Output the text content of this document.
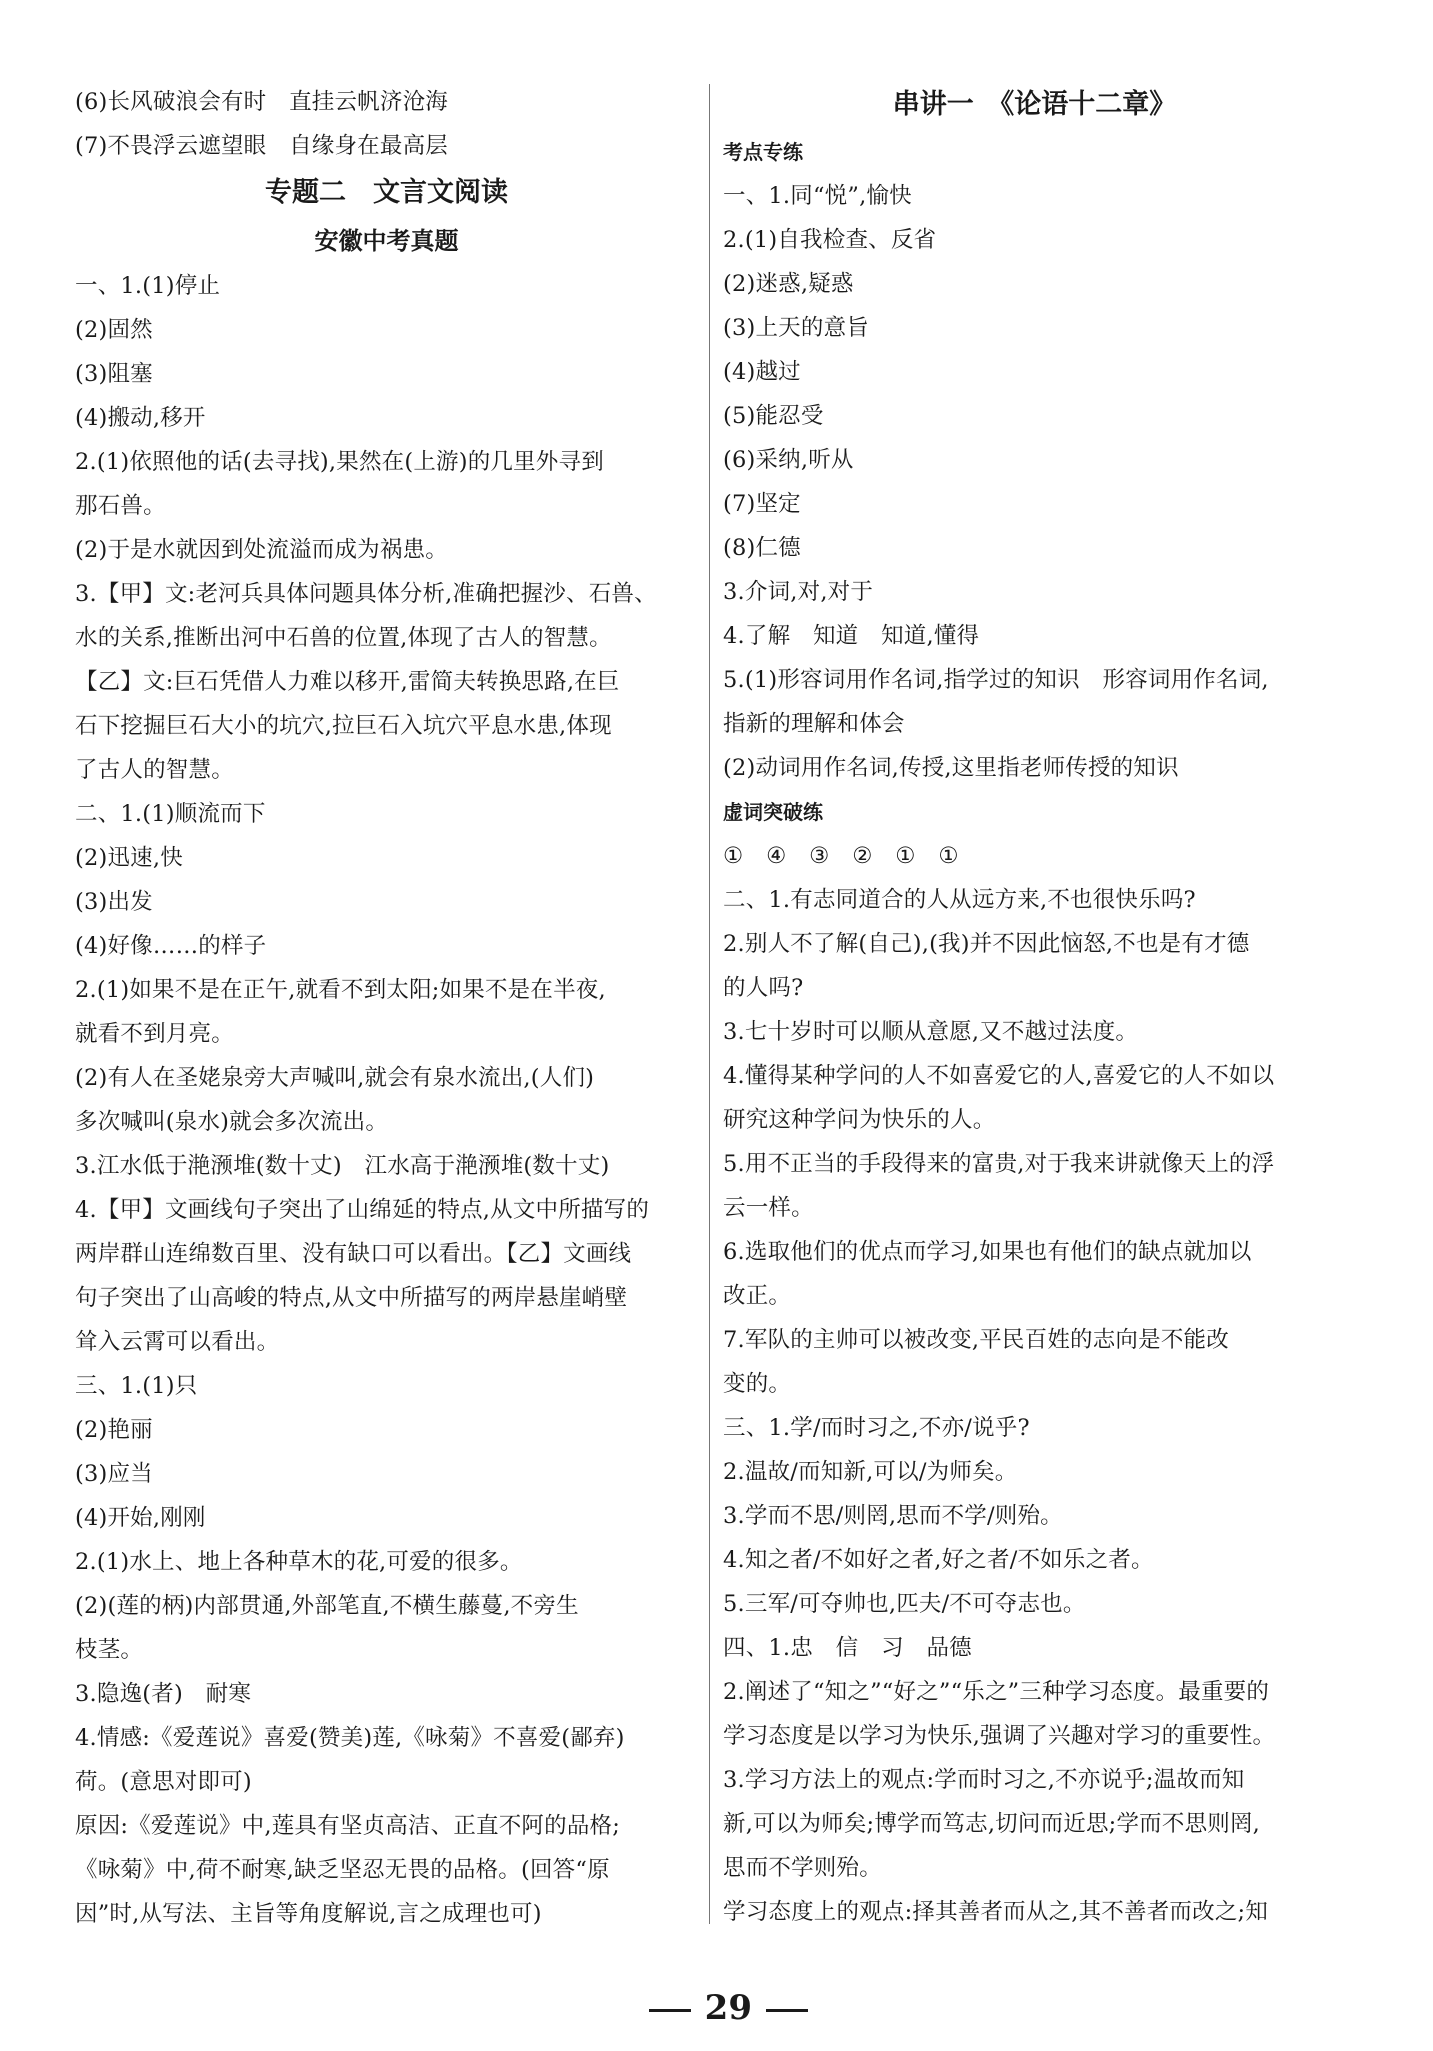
(6)长风破浪会有时　直挂云帆济沧海
(7)不畏浮云遮望眼　自缘身在最高层
专题二　文言文阅读
安徽中考真题
一、1.(1)停止
(2)固然
(3)阻塞
(4)搬动,移开
2.(1)依照他的话(去寻找),果然在(上游)的几里外寻到
那石兽。
(2)于是水就因到处流溢而成为祸患。
3.【甲】文:老河兵具体问题具体分析,准确把握沙、石兽、
水的关系,推断出河中石兽的位置,体现了古人的智慧。
【乙】文:巨石凭借人力难以移开,雷简夫转换思路,在巨
石下挖掘巨石大小的坑穴,拉巨石入坑穴平息水患,体现
了古人的智慧。
二、1.(1)顺流而下
(2)迅速,快
(3)出发
(4)好像……的样子
2.(1)如果不是在正午,就看不到太阳;如果不是在半夜,
就看不到月亮。
(2)有人在圣姥泉旁大声喊叫,就会有泉水流出,(人们)
多次喊叫(泉水)就会多次流出。
3.江水低于滟滪堆(数十丈)　江水高于滟滪堆(数十丈)
4.【甲】文画线句子突出了山绵延的特点,从文中所描写的
两岸群山连绵数百里、没有缺口可以看出。【乙】文画线
句子突出了山高峻的特点,从文中所描写的两岸悬崖峭壁
耸入云霄可以看出。
三、1.(1)只
(2)艳丽
(3)应当
(4)开始,刚刚
2.(1)水上、地上各种草木的花,可爱的很多。
(2)(莲的柄)内部贯通,外部笔直,不横生藤蔓,不旁生
枝茎。
3.隐逸(者)　耐寒
4.情感:《爱莲说》喜爱(赞美)莲,《咏菊》不喜爱(鄙弃)
荷。(意思对即可)
原因:《爱莲说》中,莲具有坚贞高洁、正直不阿的品格;
《咏菊》中,荷不耐寒,缺乏坚忍无畏的品格。(回答“原
因”时,从写法、主旨等角度解说,言之成理也可)
串讲一　《论语十二章》
考点专练
一、1.同“悦”,愉快
2.(1)自我检查、反省
(2)迷惑,疑惑
(3)上天的意旨
(4)越过
(5)能忍受
(6)采纳,听从
(7)坚定
(8)仁德
3.介词,对,对于
4.了解　知道　知道,懂得
5.(1)形容词用作名词,指学过的知识　形容词用作名词,
指新的理解和体会
(2)动词用作名词,传授,这里指老师传授的知识
虚词突破练
①　④　③　②　①　①
二、1.有志同道合的人从远方来,不也很快乐吗?
2.别人不了解(自己),(我)并不因此恼怒,不也是有才德
的人吗?
3.七十岁时可以顺从意愿,又不越过法度。
4.懂得某种学问的人不如喜爱它的人,喜爱它的人不如以
研究这种学问为快乐的人。
5.用不正当的手段得来的富贵,对于我来讲就像天上的浮
云一样。
6.选取他们的优点而学习,如果也有他们的缺点就加以
改正。
7.军队的主帅可以被改变,平民百姓的志向是不能改
变的。
三、1.学/而时习之,不亦/说乎?
2.温故/而知新,可以/为师矣。
3.学而不思/则罔,思而不学/则殆。
4.知之者/不如好之者,好之者/不如乐之者。
5.三军/可夺帅也,匹夫/不可夺志也。
四、1.忠　信　习　品德
2.阐述了“知之”“好之”“乐之”三种学习态度。最重要的
学习态度是以学习为快乐,强调了兴趣对学习的重要性。
3.学习方法上的观点:学而时习之,不亦说乎;温故而知
新,可以为师矣;博学而笃志,切问而近思;学而不思则罔,
思而不学则殆。
学习态度上的观点:择其善者而从之,其不善者而改之;知

29
